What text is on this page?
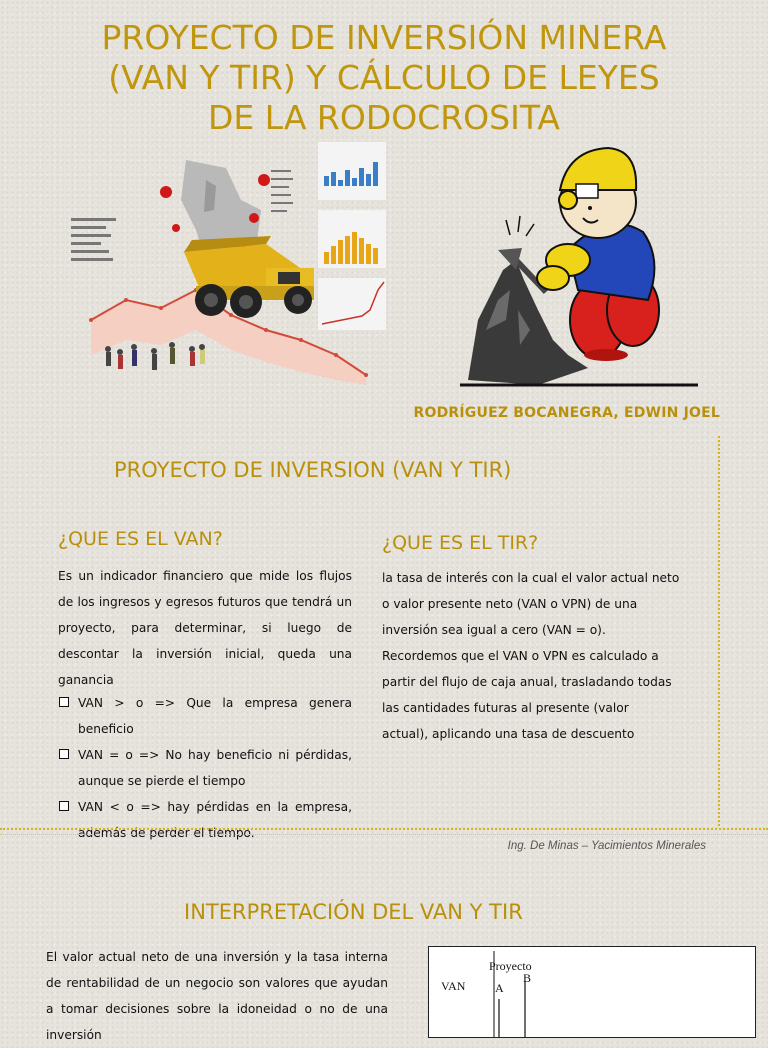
PROYECTO DE INVERSIÓN MINERA
(VAN Y TIR) Y CÁLCULO DE LEYES
DE LA RODOCROSITA
RODRÍGUEZ BOCANEGRA, EDWIN JOEL
PROYECTO DE INVERSION (VAN Y TIR)
¿QUE ES EL VAN?

Es un indicador financiero que mide los flujos de los ingresos y egresos futuros que tendrá un proyecto, para determinar, si luego de descontar la inversión inicial, queda una ganancia

VAN > o => Que la empresa genera beneficio
VAN = o => No hay beneficio ni pérdidas, aunque se pierde el tiempo
VAN < o => hay pérdidas en la empresa, además de perder el tiempo.
¿QUE ES EL TIR?
la tasa de interés con la cual el valor actual neto
o valor presente neto (VAN o VPN) de una
inversión sea igual a cero (VAN = o).
Recordemos que el VAN o VPN es calculado a
partir del flujo de caja anual, trasladando todas
las cantidades futuras al presente (valor
actual), aplicando una tasa de descuento
Ing. De Minas – Yacimientos Minerales
INTERPRETACIÓN DEL VAN Y TIR

El valor actual neto de una inversión y la tasa interna de rentabilidad de un negocio son valores que ayudan a tomar decisiones sobre la idoneidad o no de una inversión

VAN
Proyecto
A
B
